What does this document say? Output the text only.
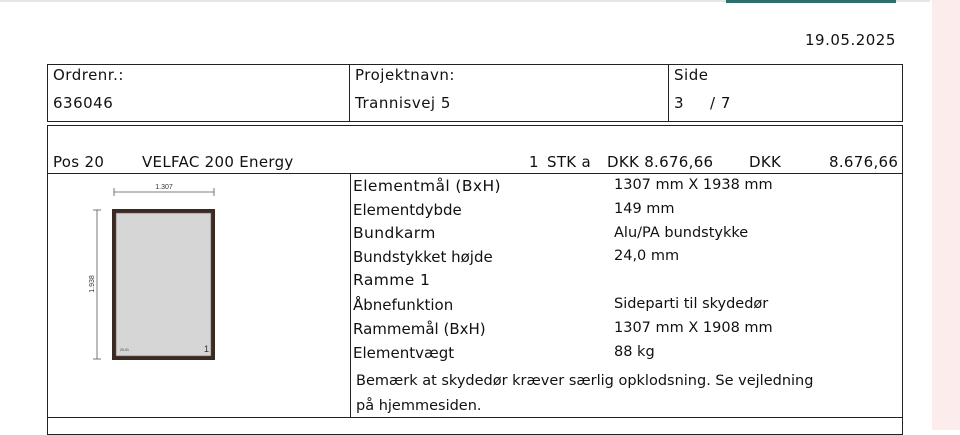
19.05.2025
Ordrenr.:
636046
Projektnavn:
Trannisvej 5
Side
3 / 7
Pos 20	VELFAC 200 Energy	1 STK a DKK 8.676,66 DKK	8.676,66
1.307
1.938
20-01	1
Elementmål (BxH)	1307 mm X 1938 mm
Elementdybde	149 mm
Bundkarm	Alu/PA bundstykke
Bundstykket højde	24,0 mm
Ramme 1
Åbnefunktion	Sideparti til skydedør
Rammemål (BxH)	1307 mm X 1908 mm
Elementvægt	88 kg
Bemærk at skydedør kræver særlig opklodsning. Se vejledning
på hjemmesiden.
